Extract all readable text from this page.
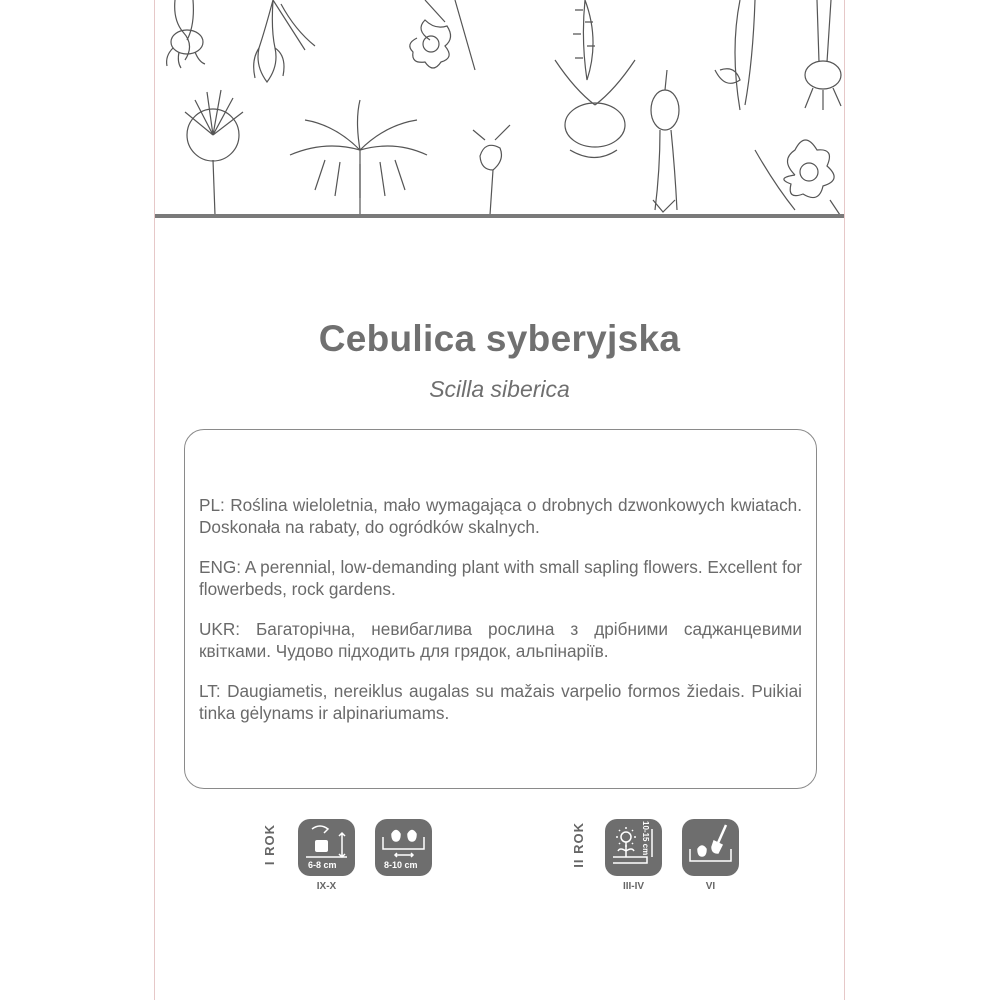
Cebulica syberyjska
Scilla siberica

PL: Roślina wieloletnia, mało wymagająca o drobnych dzwonkowych kwiatach. Doskonała na rabaty, do ogródków skalnych.

ENG: A perennial, low-demanding plant with small sapling flowers. Excellent for flowerbeds, rock gardens.

UKR: Багаторічна, невибаглива рослина з дрібними саджанцевими квітками. Чудово підходить для грядок, альпінаріїв.

LT: Daugiametis, nereiklus augalas su mažais varpelio formos žiedais. Puikiai tinka gėlynams ir alpinariumams.

I ROK	6-8 cm
IX-X
8-10 cm	II ROK	10-15 cm
III-IV	VI
